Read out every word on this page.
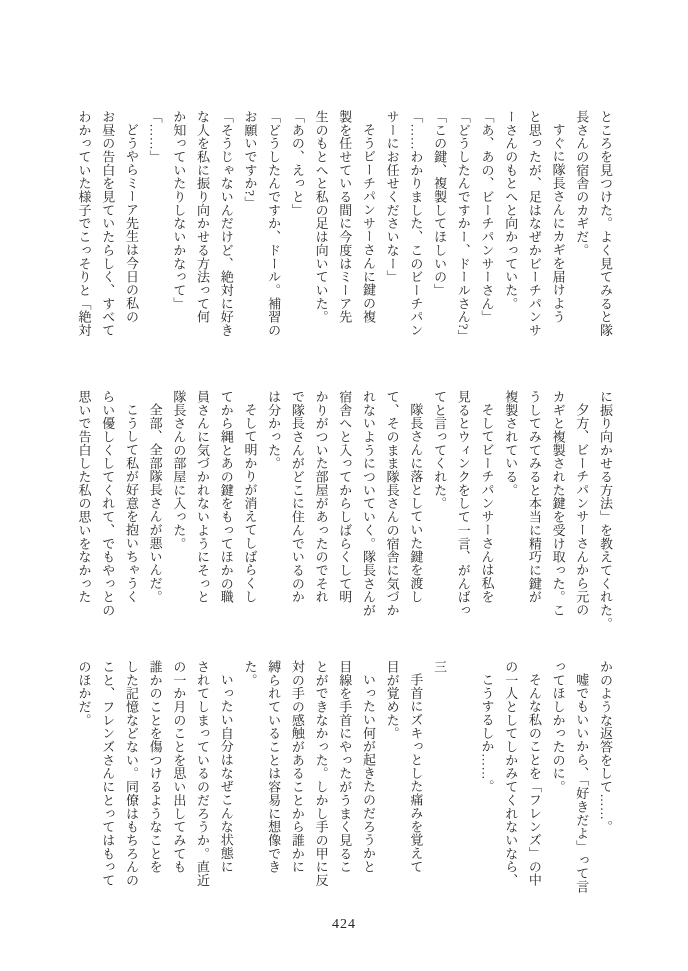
ところを見つけた。よく見てみると隊

長さんの宿舎のカギだ。

すぐに隊長さんにカギを届けよう

と思ったが、足はなぜかビーチパンサ

ーさんのもとへと向かっていた。

「あ、あの、ビーチパンサーさん」

「どうしたんですかー、ドールさん?」

「この鍵、複製してほしいの」

「……わかりました、このビーチパン

サーにお任せくださいなー」

そうビーチパンサーさんに鍵の複

製を任せている間に今度はミーア先

生のもとへと私の足は向いていた。

「あの、えっと」

「どうしたんですか、ドール。補習の

お願いですか?」

「そうじゃないんだけど、絶対に好き

な人を私に振り向かせる方法って何

か知っていたりしないかなって」

「……」

どうやらミーア先生は今日の私の

お昼の告白を見ていたらしく、すべて

わかっていた様子でこっそりと「絶対

に振り向かせる方法」を教えてくれた。

夕方、ビーチパンサーさんから元の

カギと複製された鍵を受け取った。こ

うしてみてみると本当に精巧に鍵が

複製されている。

そしてビーチパンサーさんは私を

見るとウィンクをして一言、がんばっ

てと言ってくれた。

隊長さんに落としていた鍵を渡し

て、そのまま隊長さんの宿舎に気づか

れないようについていく。隊長さんが

宿舎へと入ってからしばらくして明

かりがついた部屋があったのでそれ

で隊長さんがどこに住んでいるのか

は分かった。

そして明かりが消えてしばらくし

てから縄とあの鍵をもってほかの職

員さんに気づかれないようにそっと

隊長さんの部屋に入った。

全部、全部隊長さんが悪いんだ。

こうして私が好意を抱いちゃうく

らい優しくしてくれて、でもやっとの

思いで告白した私の思いをなかった

かのような返答をして……。

嘘でもいいから、「好きだよ」って言

ってほしかったのに。

そんな私のことを「フレンズ」の中

の一人としてしかみてくれないなら、

こうするしか……。

三

手首にズキっとした痛みを覚えて

目が覚めた。

いったい何が起きたのだろうかと

目線を手首にやったがうまく見るこ

とができなかった。しかし手の甲に反

対の手の感触があることから誰かに

縛られていることは容易に想像でき

た。

いったい自分はなぜこんな状態に

されてしまっているのだろうか。直近

の一か月のことを思い出してみても

誰かのことを傷つけるようなことを

した記憶などない。同僚はもちろんの

こと、フレンズさんにとってはもって

のほかだ。

424
